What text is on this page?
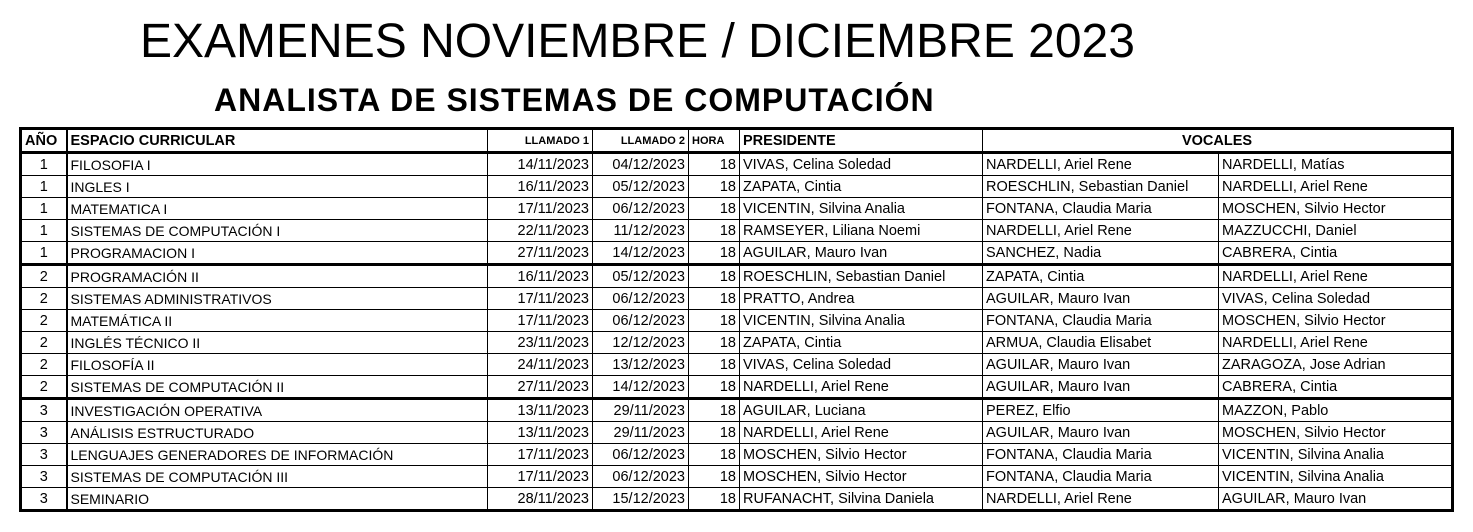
EXAMENES NOVIEMBRE / DICIEMBRE 2023
ANALISTA DE SISTEMAS DE COMPUTACIÓN
AÑO	ESPACIO CURRICULAR	LLAMADO 1	LLAMADO 2	HORA	PRESIDENTE	VOCALES	
1	FILOSOFIA I	14/11/2023	04/12/2023	18	VIVAS, Celina Soledad	NARDELLI, Ariel Rene	NARDELLI, Matías
1	INGLES I	16/11/2023	05/12/2023	18	ZAPATA, Cintia	ROESCHLIN, Sebastian Daniel	NARDELLI, Ariel Rene
1	MATEMATICA I	17/11/2023	06/12/2023	18	VICENTIN, Silvina Analia	FONTANA, Claudia Maria	MOSCHEN, Silvio Hector
1	SISTEMAS DE COMPUTACIÓN I	22/11/2023	11/12/2023	18	RAMSEYER, Liliana Noemi	NARDELLI, Ariel Rene	MAZZUCCHI, Daniel
1	PROGRAMACION I	27/11/2023	14/12/2023	18	AGUILAR, Mauro Ivan	SANCHEZ, Nadia	CABRERA, Cintia
2	PROGRAMACIÓN II	16/11/2023	05/12/2023	18	ROESCHLIN, Sebastian Daniel	ZAPATA, Cintia	NARDELLI, Ariel Rene
2	SISTEMAS ADMINISTRATIVOS	17/11/2023	06/12/2023	18	PRATTO, Andrea	AGUILAR, Mauro Ivan	VIVAS, Celina Soledad
2	MATEMÁTICA II	17/11/2023	06/12/2023	18	VICENTIN, Silvina Analia	FONTANA, Claudia Maria	MOSCHEN, Silvio Hector
2	INGLÉS TÉCNICO II	23/11/2023	12/12/2023	18	ZAPATA, Cintia	ARMUA, Claudia Elisabet	NARDELLI, Ariel Rene
2	FILOSOFÍA II	24/11/2023	13/12/2023	18	VIVAS, Celina Soledad	AGUILAR, Mauro Ivan	ZARAGOZA, Jose Adrian
2	SISTEMAS DE COMPUTACIÓN II	27/11/2023	14/12/2023	18	NARDELLI, Ariel Rene	AGUILAR, Mauro Ivan	CABRERA, Cintia
3	INVESTIGACIÓN OPERATIVA	13/11/2023	29/11/2023	18	AGUILAR, Luciana	PEREZ, Elfio	MAZZON, Pablo
3	ANÁLISIS ESTRUCTURADO	13/11/2023	29/11/2023	18	NARDELLI, Ariel Rene	AGUILAR, Mauro Ivan	MOSCHEN, Silvio Hector
3	LENGUAJES GENERADORES DE INFORMACIÓN	17/11/2023	06/12/2023	18	MOSCHEN, Silvio Hector	FONTANA, Claudia Maria	VICENTIN, Silvina Analia
3	SISTEMAS DE COMPUTACIÓN III	17/11/2023	06/12/2023	18	MOSCHEN, Silvio Hector	FONTANA, Claudia Maria	VICENTIN, Silvina Analia
3	SEMINARIO	28/11/2023	15/12/2023	18	RUFANACHT, Silvina Daniela	NARDELLI, Ariel Rene	AGUILAR, Mauro Ivan
